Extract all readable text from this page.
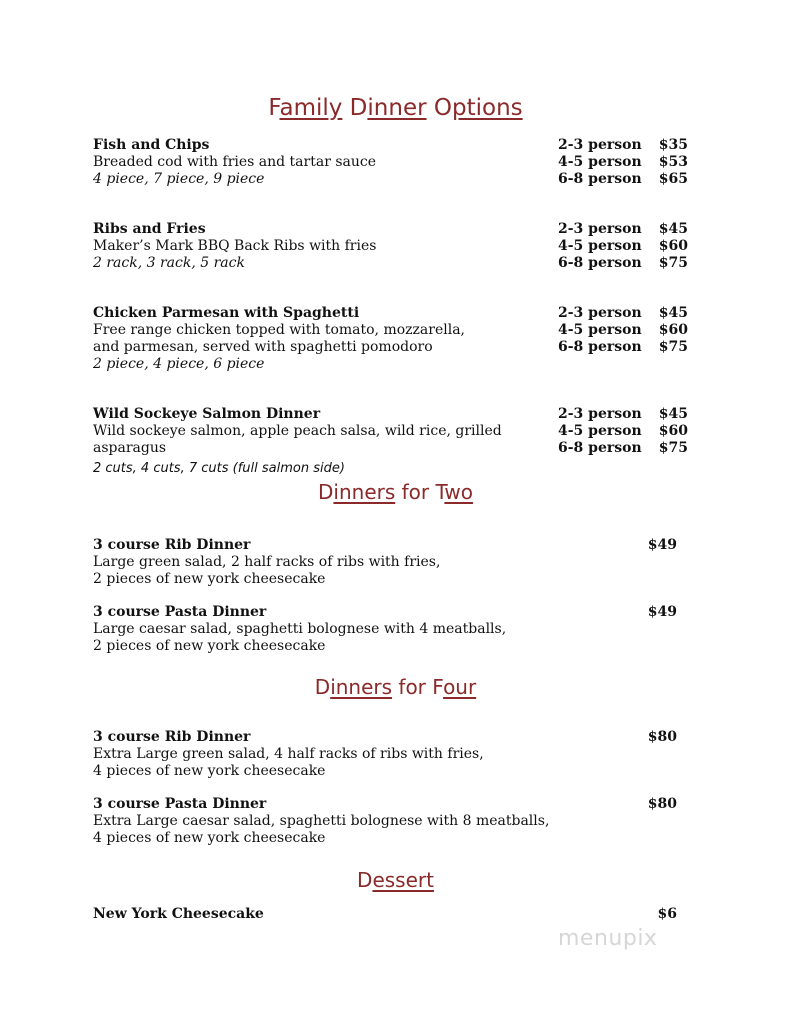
Family Dinner Options
Fish and Chips
Breaded cod with fries and tartar sauce
4 piece, 7 piece, 9 piece
2-3 person $35
4-5 person $53
6-8 person $65
Ribs and Fries
Maker’s Mark BBQ Back Ribs with fries
2 rack, 3 rack, 5 rack
2-3 person $45
4-5 person $60
6-8 person $75
Chicken Parmesan with Spaghetti
Free range chicken topped with tomato, mozzarella,
and parmesan, served with spaghetti pomodoro
2 piece, 4 piece, 6 piece
2-3 person $45
4-5 person $60
6-8 person $75
Wild Sockeye Salmon Dinner
Wild sockeye salmon, apple peach salsa, wild rice, grilled
asparagus
2 cuts, 4 cuts, 7 cuts (full salmon side)
2-3 person $45
4-5 person $60
6-8 person $75
Dinners for Two
3 course Rib Dinner
Large green salad, 2 half racks of ribs with fries,
2 pieces of new york cheesecake
$49
3 course Pasta Dinner
Large caesar salad, spaghetti bolognese with 4 meatballs,
2 pieces of new york cheesecake
$49
Dinners for Four
3 course Rib Dinner
Extra Large green salad, 4 half racks of ribs with fries,
4 pieces of new york cheesecake
$80
3 course Pasta Dinner
Extra Large caesar salad, spaghetti bolognese with 8 meatballs,
4 pieces of new york cheesecake
$80
Dessert
New York Cheesecake	$6
menupix
